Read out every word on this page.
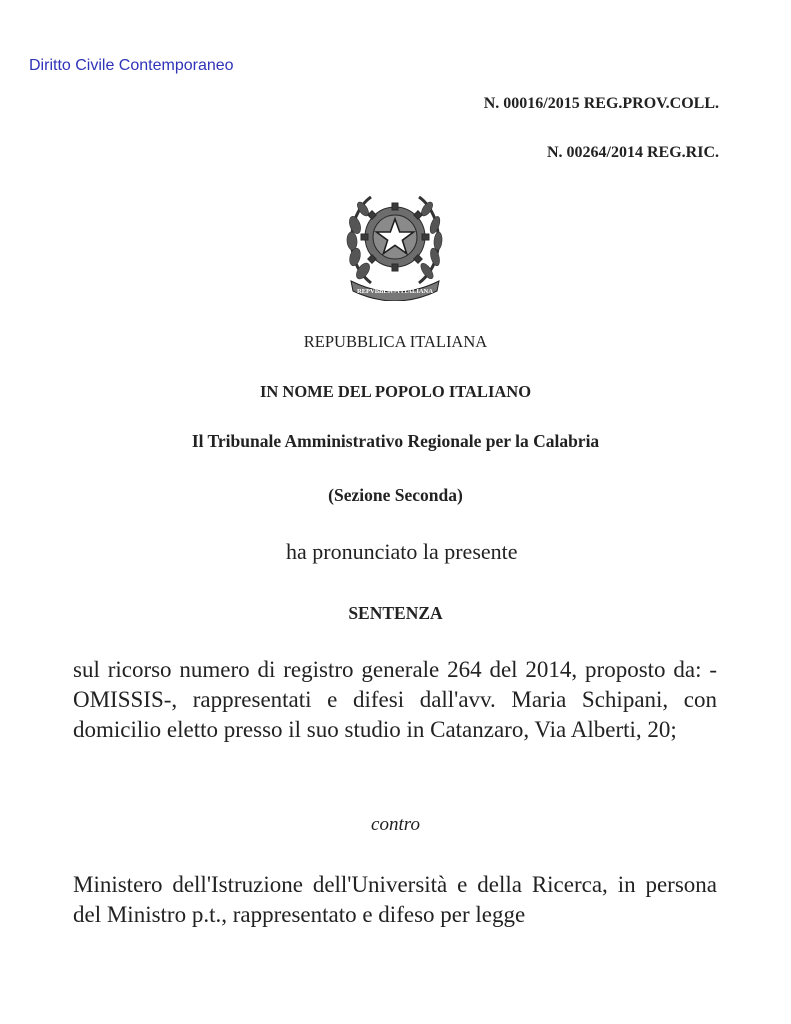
Diritto Civile Contemporaneo
N. 00016/2015 REG.PROV.COLL.
N. 00264/2014 REG.RIC.
REPVBBLICA ITALIANA
REPUBBLICA ITALIANA
IN NOME DEL POPOLO ITALIANO
Il Tribunale Amministrativo Regionale per la Calabria
(Sezione Seconda)
ha pronunciato la presente
SENTENZA
sul ricorso numero di registro generale 264 del 2014, proposto da: -OMISSIS-, rappresentati e difesi dall'avv. Maria Schipani, con domicilio eletto presso il suo studio in Catanzaro, Via Alberti, 20;
contro
Ministero dell'Istruzione dell'Università e della Ricerca, in persona del Ministro p.t., rappresentato e difeso per legge
